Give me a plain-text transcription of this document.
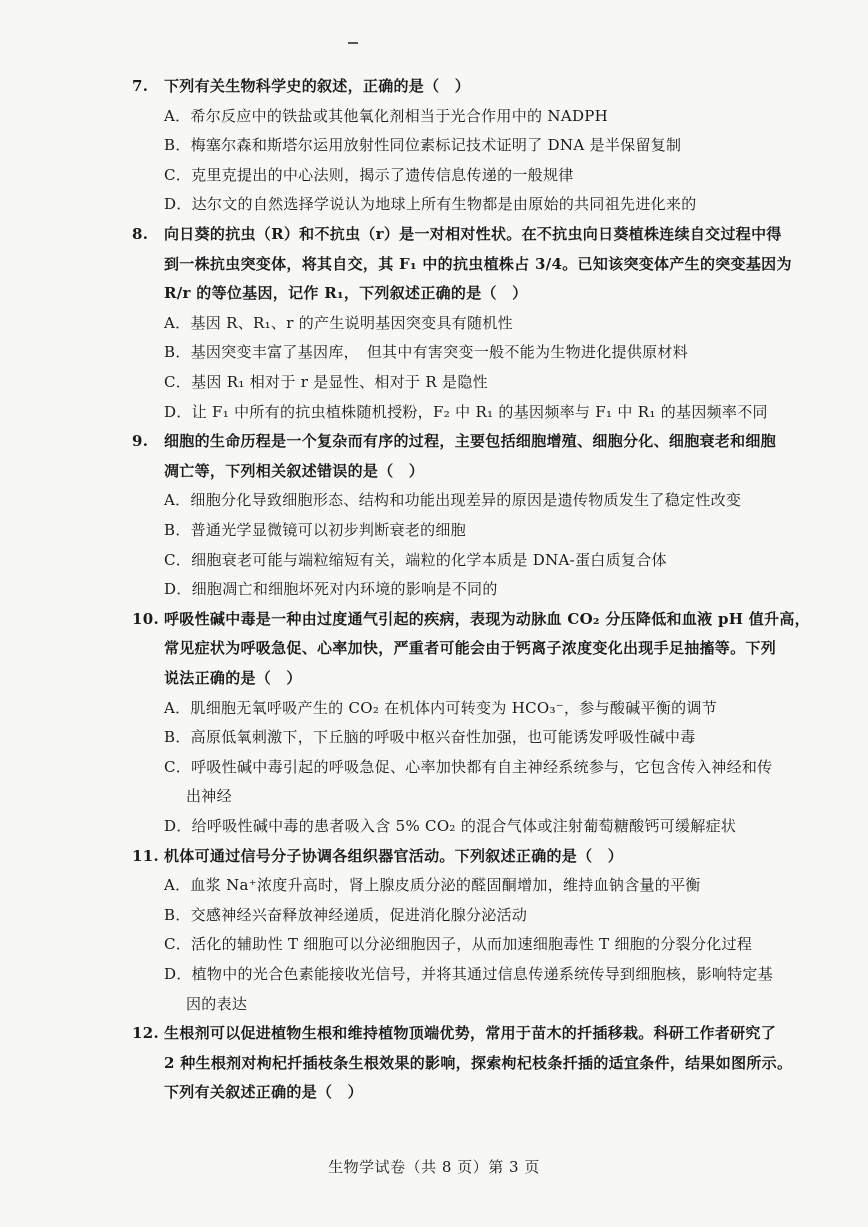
7. 下列有关生物科学史的叙述，正确的是（　）
A．希尔反应中的铁盐或其他氧化剂相当于光合作用中的 NADPH
B．梅塞尔森和斯塔尔运用放射性同位素标记技术证明了 DNA 是半保留复制
C．克里克提出的中心法则，揭示了遗传信息传递的一般规律
D．达尔文的自然选择学说认为地球上所有生物都是由原始的共同祖先进化来的
8. 向日葵的抗虫（R）和不抗虫（r）是一对相对性状。在不抗虫向日葵植株连续自交过程中得
到一株抗虫突变体，将其自交，其 F₁ 中的抗虫植株占 3/4。已知该突变体产生的突变基因为
R/r 的等位基因，记作 R₁，下列叙述正确的是（　）
A．基因 R、R₁、r 的产生说明基因突变具有随机性
B．基因突变丰富了基因库，　但其中有害突变一般不能为生物进化提供原材料
C．基因 R₁ 相对于 r 是显性、相对于 R 是隐性
D．让 F₁ 中所有的抗虫植株随机授粉，F₂ 中 R₁ 的基因频率与 F₁ 中 R₁ 的基因频率不同
9. 细胞的生命历程是一个复杂而有序的过程，主要包括细胞增殖、细胞分化、细胞衰老和细胞
凋亡等，下列相关叙述错误的是（　）
A．细胞分化导致细胞形态、结构和功能出现差异的原因是遗传物质发生了稳定性改变
B．普通光学显微镜可以初步判断衰老的细胞
C．细胞衰老可能与端粒缩短有关，端粒的化学本质是 DNA-蛋白质复合体
D．细胞凋亡和细胞坏死对内环境的影响是不同的
10. 呼吸性碱中毒是一种由过度通气引起的疾病，表现为动脉血 CO₂ 分压降低和血液 pH 值升高，
常见症状为呼吸急促、心率加快，严重者可能会由于钙离子浓度变化出现手足抽搐等。下列
说法正确的是（　）
A．肌细胞无氧呼吸产生的 CO₂ 在机体内可转变为 HCO₃⁻，参与酸碱平衡的调节
B．高原低氧刺激下，下丘脑的呼吸中枢兴奋性加强，也可能诱发呼吸性碱中毒
C．呼吸性碱中毒引起的呼吸急促、心率加快都有自主神经系统参与，它包含传入神经和传
出神经
D．给呼吸性碱中毒的患者吸入含 5% CO₂ 的混合气体或注射葡萄糖酸钙可缓解症状
11. 机体可通过信号分子协调各组织器官活动。下列叙述正确的是（　）
A．血浆 Na⁺浓度升高时，肾上腺皮质分泌的醛固酮增加，维持血钠含量的平衡
B．交感神经兴奋释放神经递质，促进消化腺分泌活动
C．活化的辅助性 T 细胞可以分泌细胞因子，从而加速细胞毒性 T 细胞的分裂分化过程
D．植物中的光合色素能接收光信号，并将其通过信息传递系统传导到细胞核，影响特定基
因的表达
12. 生根剂可以促进植物生根和维持植物顶端优势，常用于苗木的扦插移栽。科研工作者研究了
2 种生根剂对枸杞扦插枝条生根效果的影响，探索枸杞枝条扦插的适宜条件，结果如图所示。
下列有关叙述正确的是（　）
生物学试卷（共 8 页）第 3 页
